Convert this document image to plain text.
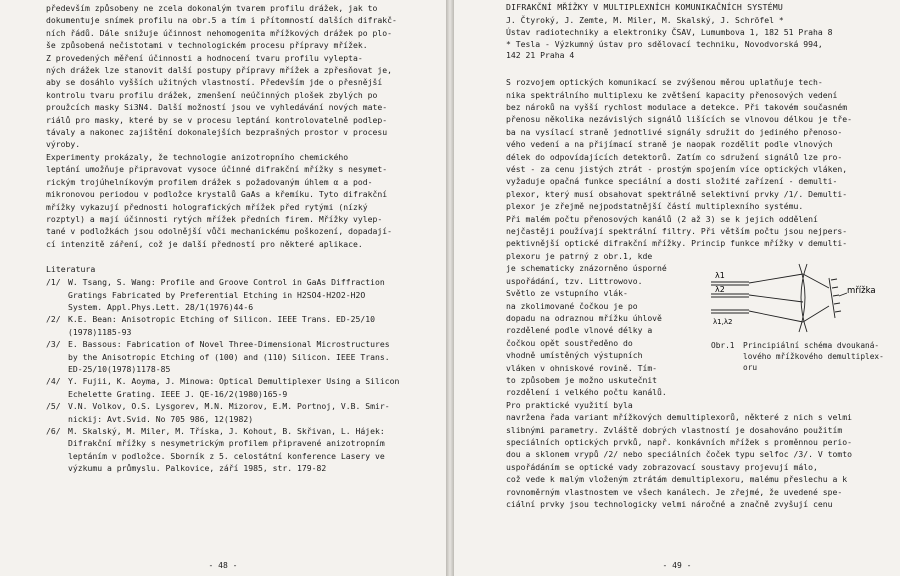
především způsobeny ne zcela dokonalým tvarem profilu drážek, jak to
dokumentuje snímek profilu na obr.5 a tím i přítomností dalších difrakč-
ních řádů. Dále snižuje účinnost nehomogenita mřížkových drážek po plo-
še způsobená nečistotami v technologickém procesu přípravy mřížek.

Z provedených měření účinnosti a hodnocení tvaru profilu vylepta-
ných drážek lze stanovit další postupy přípravy mřížek a zpřesňovat je,
aby se dosáhlo vyšších užitných vlastností. Především jde o přesnější
kontrolu tvaru profilu drážek, zmenšení neúčinných plošek zbylých po
proužcích masky Si3N4. Další možností jsou ve vyhledávání nových mate-
riálů pro masky, které by se v procesu leptání kontrolovatelně podlep-
távaly a nakonec zajištění dokonalejších bezprašných prostor v procesu
výroby.

Experimenty prokázaly, že technologie anizotropního chemického
leptání umožňuje připravovat vysoce účinné difrakční mřížky s nesymet-
rickým trojúhelníkovým profilem drážek s požadovaným úhlem α a pod-
mikronovou periodou v podložce krystalů GaAs a křemíku. Tyto difrakční
mřížky vykazují přednosti holografických mřížek před rytými (nízký
rozptyl) a mají účinnosti rytých mřížek předních firem. Mřížky vylep-
tané v podložkách jsou odolnější vůči mechanickému poškození, dopadají-
cí intenzitě záření, což je další předností pro některé aplikace.

Literatura

/1/ W. Tsang, S. Wang: Profile and Groove Control in GaAs Diffraction
Gratings Fabricated by Preferential Etching in H2SO4-H2O2-H2O
System. Appl.Phys.Lett. 28/1(1976)44-6
/2/ K.E. Bean: Anisotropic Etching of Silicon. IEEE Trans. ED-25/10
(1978)1185-93
/3/ E. Bassous: Fabrication of Novel Three-Dimensional Microstructures
by the Anisotropic Etching of (100) and (110) Silicon. IEEE Trans.
ED-25/10(1978)1178-85
/4/ Y. Fujii, K. Aoyma, J. Minowa: Optical Demultiplexer Using a Silicon
Echelette Grating. IEEE J. QE-16/2(1980)165-9
/5/ V.N. Volkov, O.S. Lysgorev, M.N. Mizorov, E.M. Portnoj, V.B. Smir-
nickij: Avt.Svid. No 705 986, 12(1982)
/6/ M. Skalský, M. Miler, M. Tříska, J. Kohout, B. Skřivan, L. Hájek:
Difrakční mřížky s nesymetrickým profilem připravené anizotropním
leptáním v podložce. Sborník z 5. celostátní konference Lasery ve
výzkumu a průmyslu. Palkovice, září 1985, str. 179-82
- 48 -

DIFRAKČNÍ MŘÍŽKY V MULTIPLEXNÍCH KOMUNIKAČNÍCH SYSTÉMU

J. Čtyroký, J. Zemte, M. Miler, M. Skalský, J. Schröfel *
Ústav radiotechniky a elektroniky ČSAV, Lumumbova 1, 182 51 Praha 8
* Tesla - Výzkumný ústav pro sdělovací techniku, Novodvorská 994,
142 21 Praha 4

S rozvojem optických komunikací se zvýšenou měrou uplatňuje tech-
nika spektrálního multiplexu ke zvětšení kapacity přenosových vedení
bez nároků na vyšší rychlost modulace a detekce. Při takovém současném
přenosu několika nezávislých signálů lišících se vlnovou délkou je tře-
ba na vysílací straně jednotlivé signály sdružit do jediného přenoso-
vého vedení a na přijímací straně je naopak rozdělit podle vlnových
délek do odpovídajících detektorů. Zatím co sdružení signálů lze pro-
vést - za cenu jistých ztrát - prostým spojením více optických vláken,
vyžaduje opačná funkce speciální a dosti složité zařízení - demulti-
plexor, který musí obsahovat spektrálně selektivní prvky /1/. Demulti-
plexor je zřejmě nejpodstatnější částí multiplexního systému.

Při malém počtu přenosových kanálů (2 až 3) se k jejich oddělení
nejčastěji používají spektrální filtry. Při větším počtu jsou nejpers-
pektivnější optické difrakční mřížky. Princip funkce mřížky v demulti-

plexoru je patrný z obr.1, kde
je schematicky znázorněno úsporné
uspořádání, tzv. Littrowovo.
Světlo ze vstupního vlák-
na zkolimované čočkou je po
dopadu na odraznou mřížku úhlově
rozdělené podle vlnové délky a
čočkou opět soustředěno do
vhodně umístěných výstupních
vláken v ohniskové rovině. Tím-
to způsobem je možno uskutečnit
rozdělení i velkého počtu kanálů.

λ1
λ2
λ1,λ2
mřížka
Obr.1	Principiální schéma dvoukaná-
lového mřížkového demultiplex-
oru

Pro praktické využití byla
navržena řada variant mřížkových demultiplexorů, některé z nich s velmi
slibnými parametry. Zvláště dobrých vlastností je dosahováno použitím
speciálních optických prvků, např. konkávních mřížek s proměnnou perio-
dou a sklonem vrypů /2/ nebo speciálních čoček typu selfoc /3/. V tomto
uspořádáním se optické vady zobrazovací soustavy projevují málo,
což vede k malým vloženým ztrátám demultiplexoru, malému přeslechu a k
rovnoměrným vlastnostem ve všech kanálech. Je zřejmé, že uvedené spe-
ciální prvky jsou technologicky velmi náročné a značně zvyšují cenu

- 49 -
